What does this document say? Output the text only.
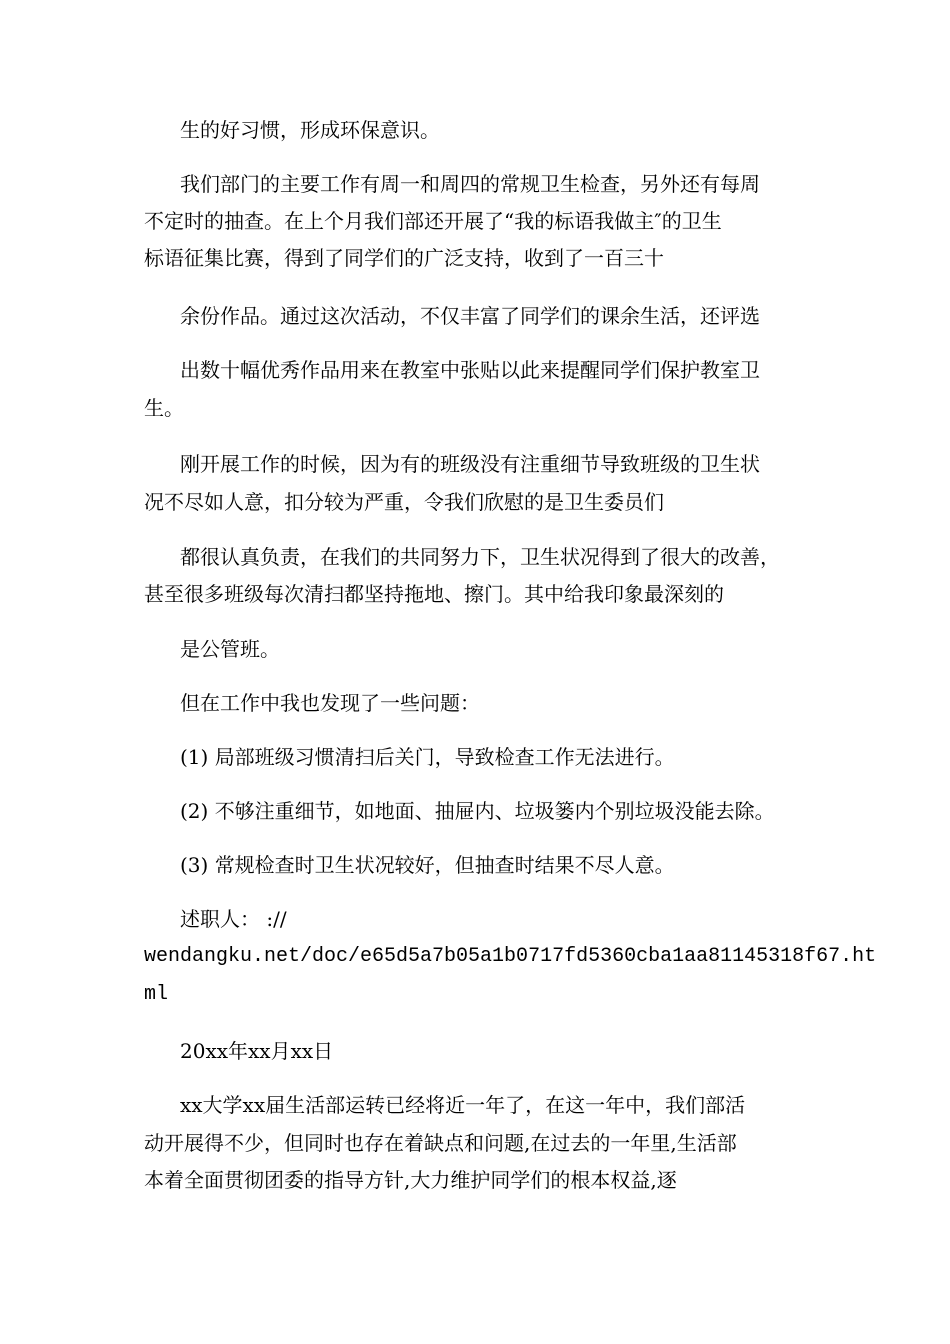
生的好习惯，形成环保意识。

我们部门的主要工作有周一和周四的常规卫生检查，另外还有每周

不定时的抽查。在上个月我们部还开展了“我的标语我做主″的卫生

标语征集比赛，得到了同学们的广泛支持，收到了一百三十

余份作品。通过这次活动，不仅丰富了同学们的课余生活，还评选

出数十幅优秀作品用来在教室中张贴以此来提醒同学们保护教室卫

生。

刚开展工作的时候，因为有的班级没有注重细节导致班级的卫生状

况不尽如人意，扣分较为严重，令我们欣慰的是卫生委员们

都很认真负责，在我们的共同努力下，卫生状况得到了很大的改善，

甚至很多班级每次清扫都坚持拖地、擦门。其中给我印象最深刻的

是公管班。

但在工作中我也发现了一些问题：

(1) 局部班级习惯清扫后关门，导致检查工作无法进行。

(2) 不够注重细节，如地面、抽屉内、垃圾篓内个别垃圾没能去除。

(3) 常规检查时卫生状况较好，但抽查时结果不尽人意。

述职人： ://

wendangku.net/doc/e65d5a7b05a1b0717fd5360cba1aa81145318f67.ht

ml

20xx年xx月xx日

xx大学xx届生活部运转已经将近一年了，在这一年中，我们部活

动开展得不少，但同时也存在着缺点和问题,在过去的一年里,生活部

本着全面贯彻团委的指导方针,大力维护同学们的根本权益,逐
